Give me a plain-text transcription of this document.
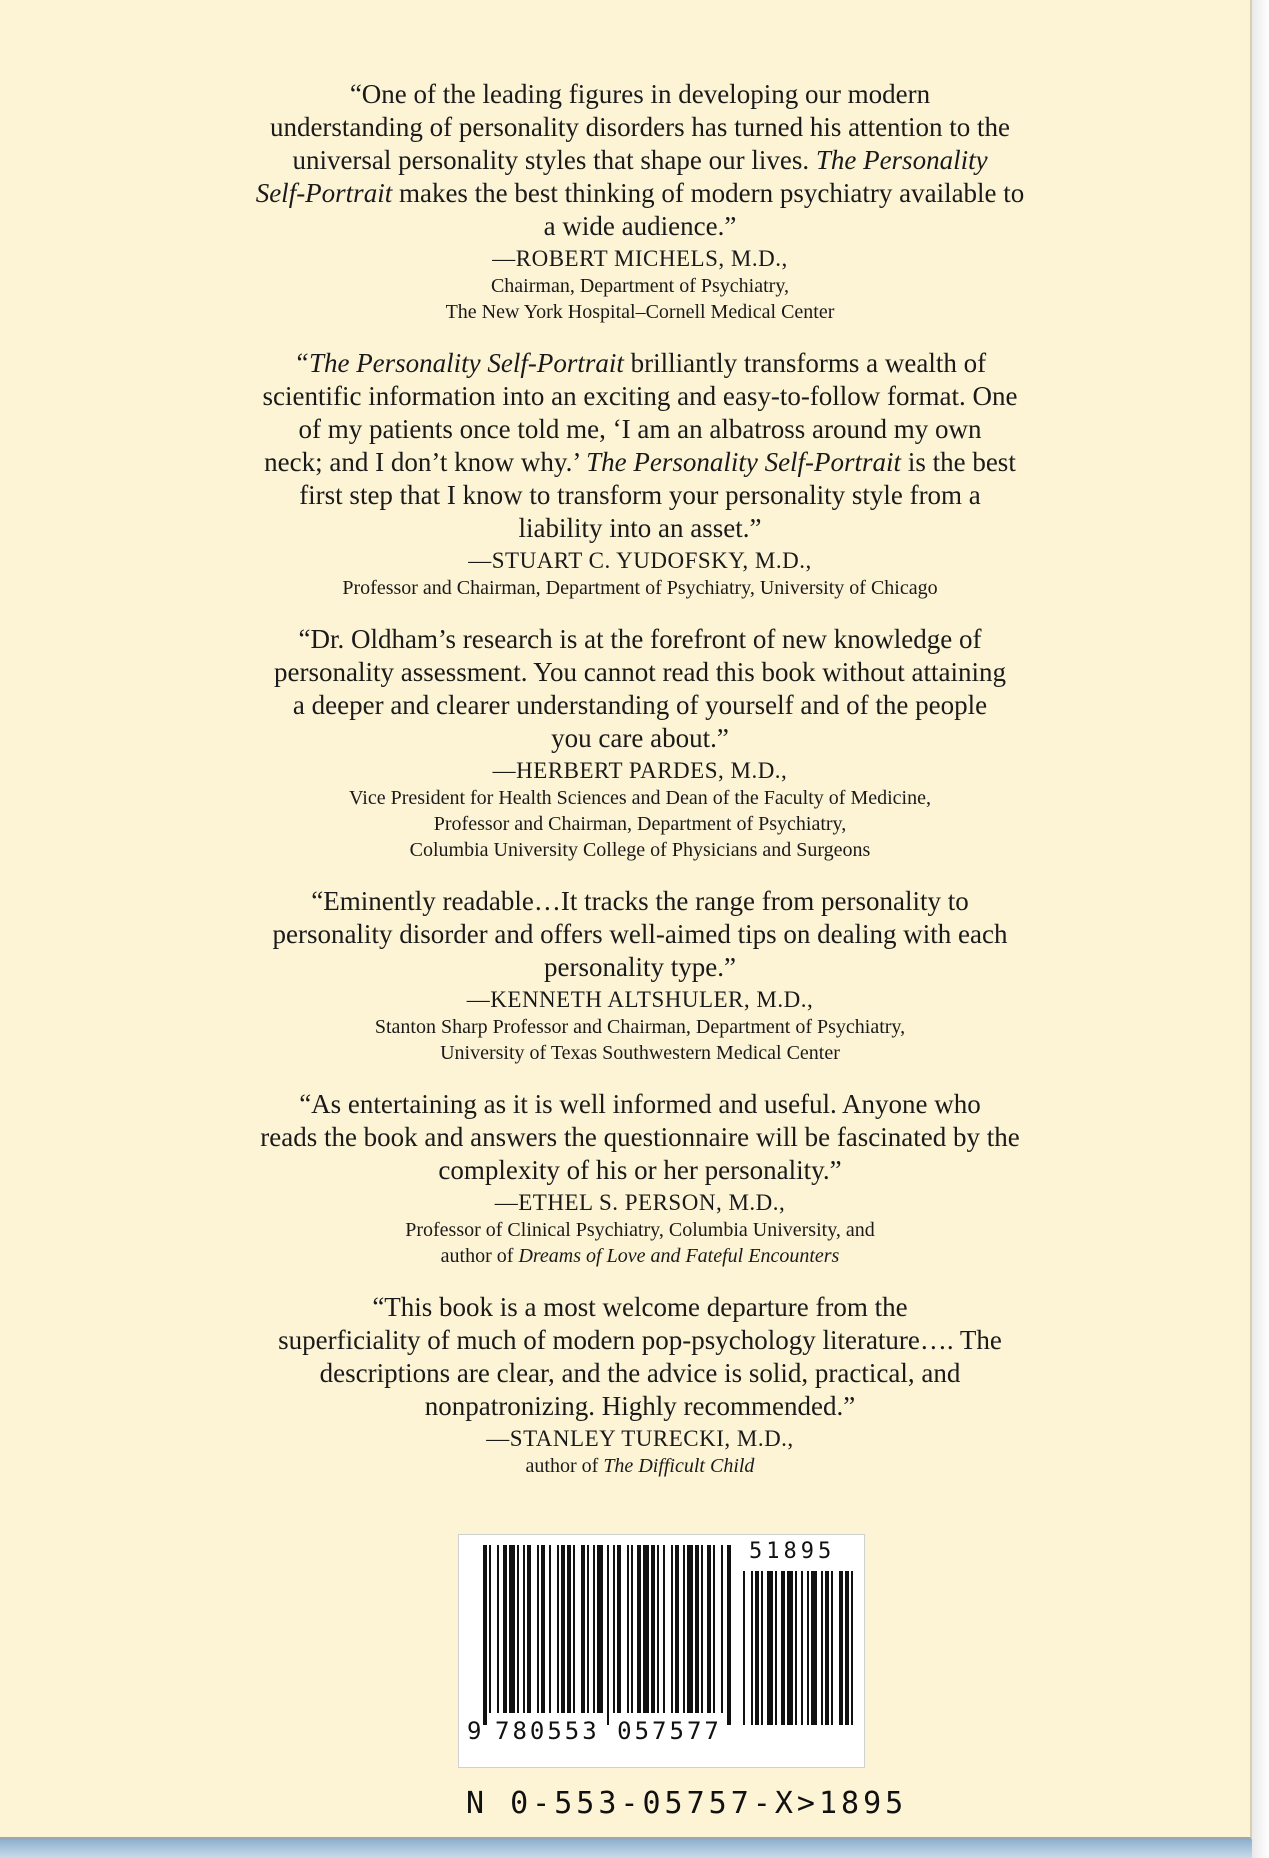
“One of the leading figures in developing our modern
understanding of personality disorders has turned his attention to the
universal personality styles that shape our lives. The Personality
Self-Portrait makes the best thinking of modern psychiatry available to
a wide audience.”

—ROBERT MICHELS, M.D.,
Chairman, Department of Psychiatry,
The New York Hospital–Cornell Medical Center

“The Personality Self-Portrait brilliantly transforms a wealth of
scientific information into an exciting and easy-to-follow format. One
of my patients once told me, ‘I am an albatross around my own
neck; and I don’t know why.’ The Personality Self-Portrait is the best
first step that I know to transform your personality style from a
liability into an asset.”

—STUART C. YUDOFSKY, M.D.,
Professor and Chairman, Department of Psychiatry, University of Chicago

“Dr. Oldham’s research is at the forefront of new knowledge of
personality assessment. You cannot read this book without attaining
a deeper and clearer understanding of yourself and of the people
you care about.”

—HERBERT PARDES, M.D.,
Vice President for Health Sciences and Dean of the Faculty of Medicine,
Professor and Chairman, Department of Psychiatry,
Columbia University College of Physicians and Surgeons

“Eminently readable…It tracks the range from personality to
personality disorder and offers well-aimed tips on dealing with each
personality type.”

—KENNETH ALTSHULER, M.D.,
Stanton Sharp Professor and Chairman, Department of Psychiatry,
University of Texas Southwestern Medical Center

“As entertaining as it is well informed and useful. Anyone who
reads the book and answers the questionnaire will be fascinated by the
complexity of his or her personality.”

—ETHEL S. PERSON, M.D.,
Professor of Clinical Psychiatry, Columbia University, and
author of Dreams of Love and Fateful Encounters

“This book is a most welcome departure from the
superficiality of much of modern pop-psychology literature…. The
descriptions are clear, and the advice is solid, practical, and
nonpatronizing. Highly recommended.”

—STANLEY TURECKI, M.D.,
author of The Difficult Child
51895
9 780553 057577
N 0-553-05757-X>1895
